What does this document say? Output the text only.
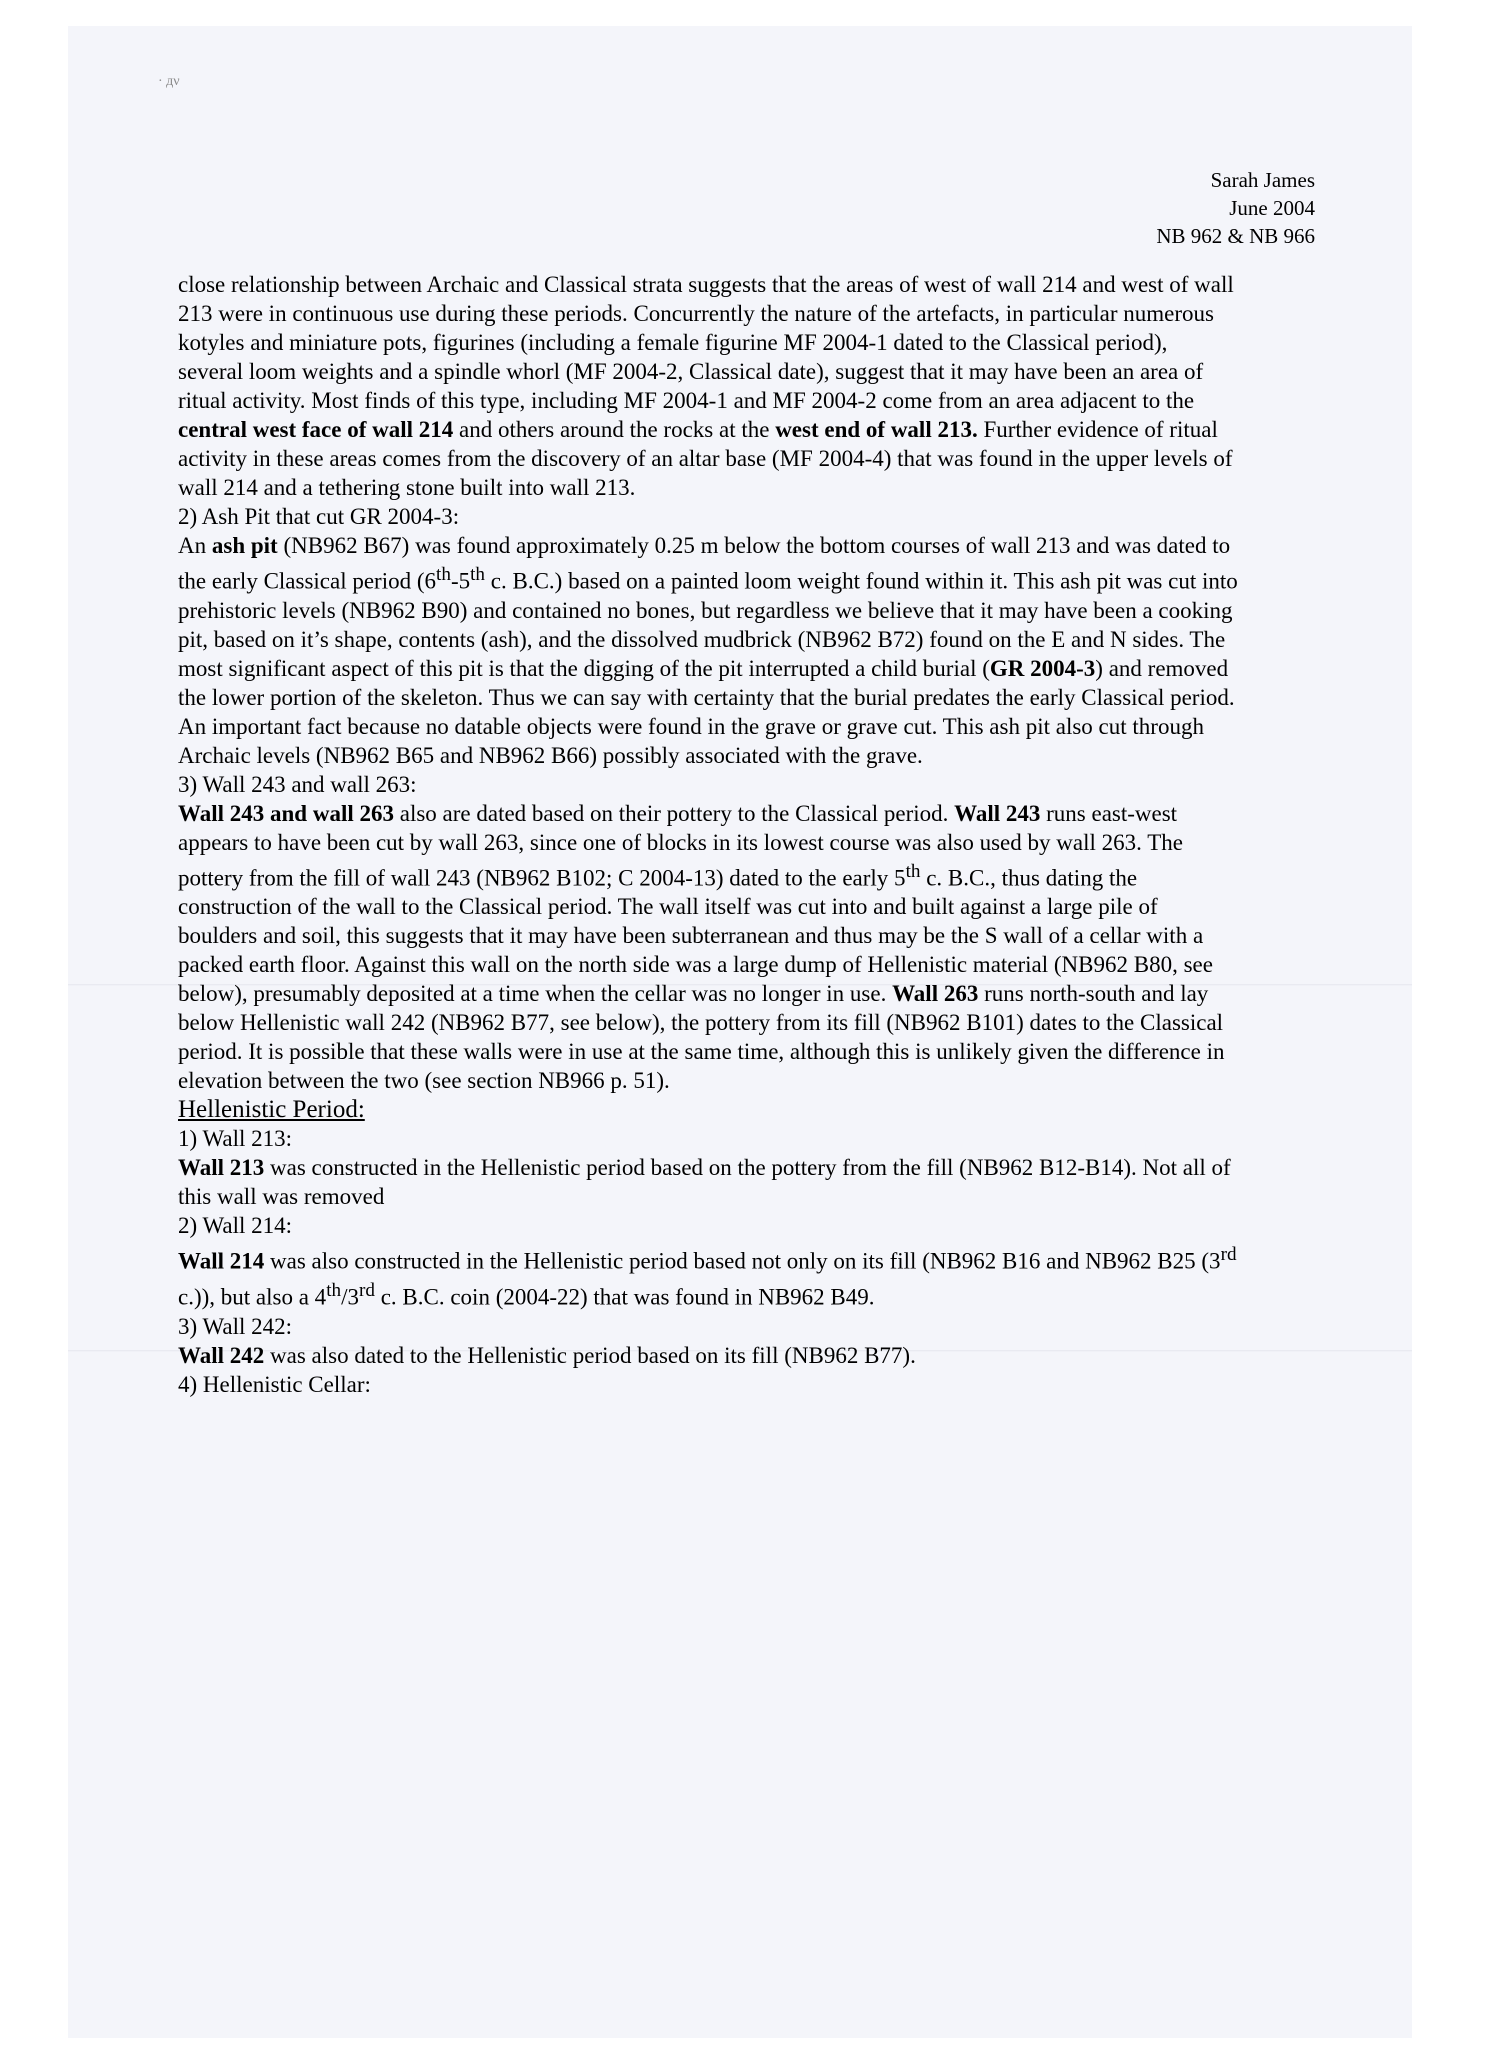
· дν
Sarah James
June 2004
NB 962 & NB 966

close relationship between Archaic and Classical strata suggests that the areas of west of wall 214 and west of wall 213 were in continuous use during these periods. Concurrently the nature of the artefacts, in particular numerous kotyles and miniature pots, figurines (including a female figurine MF 2004-1 dated to the Classical period), several loom weights and a spindle whorl (MF 2004-2, Classical date), suggest that it may have been an area of ritual activity. Most finds of this type, including MF 2004-1 and MF 2004-2 come from an area adjacent to the central west face of wall 214 and others around the rocks at the west end of wall 213. Further evidence of ritual activity in these areas comes from the discovery of an altar base (MF 2004-4) that was found in the upper levels of wall 214 and a tethering stone built into wall 213.

2) Ash Pit that cut GR 2004-3:

An ash pit (NB962 B67) was found approximately 0.25 m below the bottom courses of wall 213 and was dated to the early Classical period (6th-5th c. B.C.) based on a painted loom weight found within it. This ash pit was cut into prehistoric levels (NB962 B90) and contained no bones, but regardless we believe that it may have been a cooking pit, based on it’s shape, contents (ash), and the dissolved mudbrick (NB962 B72) found on the E and N sides. The most significant aspect of this pit is that the digging of the pit interrupted a child burial (GR 2004-3) and removed the lower portion of the skeleton. Thus we can say with certainty that the burial predates the early Classical period. An important fact because no datable objects were found in the grave or grave cut. This ash pit also cut through Archaic levels (NB962 B65 and NB962 B66) possibly associated with the grave.

3) Wall 243 and wall 263:

Wall 243 and wall 263 also are dated based on their pottery to the Classical period. Wall 243 runs east-west appears to have been cut by wall 263, since one of blocks in its lowest course was also used by wall 263. The pottery from the fill of wall 243 (NB962 B102; C 2004-13) dated to the early 5th c. B.C., thus dating the construction of the wall to the Classical period. The wall itself was cut into and built against a large pile of boulders and soil, this suggests that it may have been subterranean and thus may be the S wall of a cellar with a packed earth floor. Against this wall on the north side was a large dump of Hellenistic material (NB962 B80, see below), presumably deposited at a time when the cellar was no longer in use. Wall 263 runs north-south and lay below Hellenistic wall 242 (NB962 B77, see below), the pottery from its fill (NB962 B101) dates to the Classical period. It is possible that these walls were in use at the same time, although this is unlikely given the difference in elevation between the two (see section NB966 p. 51).

Hellenistic Period:

1) Wall 213:

Wall 213 was constructed in the Hellenistic period based on the pottery from the fill (NB962 B12-B14). Not all of this wall was removed

2) Wall 214:

Wall 214 was also constructed in the Hellenistic period based not only on its fill (NB962 B16 and NB962 B25 (3rd c.)), but also a 4th/3rd c. B.C. coin (2004-22) that was found in NB962 B49.

3) Wall 242:

Wall 242 was also dated to the Hellenistic period based on its fill (NB962 B77).

4) Hellenistic Cellar:
